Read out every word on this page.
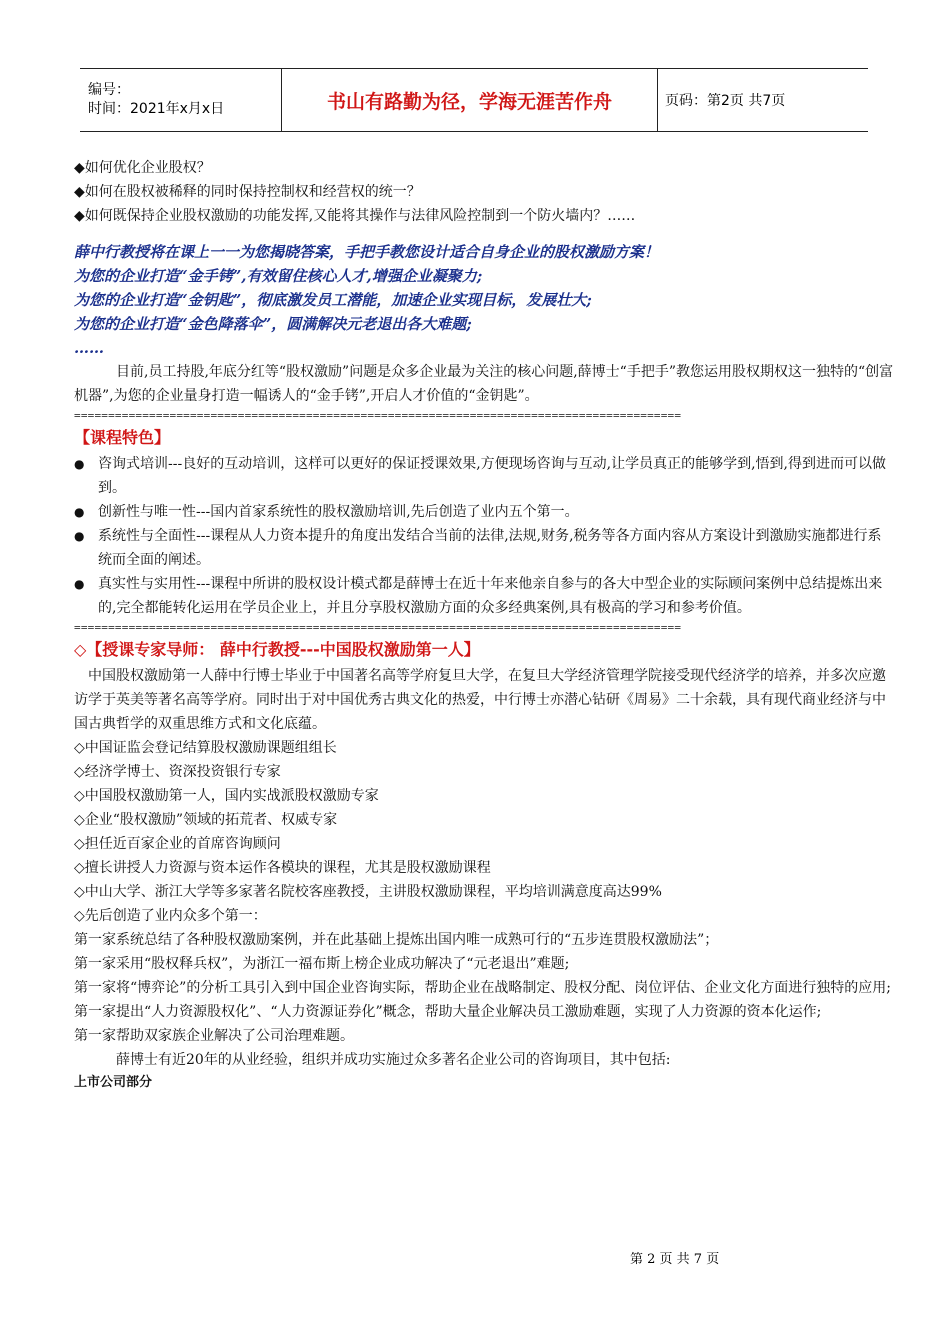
编号：
时间：2021年x月x日	书山有路勤为径，学海无涯苦作舟	页码：第2页 共7页
◆如何优化企业股权？
◆如何在股权被稀释的同时保持控制权和经营权的统一？
◆如何既保持企业股权激励的功能发挥,又能将其操作与法律风险控制到一个防火墙内？……
薛中行教授将在课上一一为您揭晓答案，手把手教您设计适合自身企业的股权激励方案！
为您的企业打造“金手铐”,有效留住核心人才,增强企业凝聚力;
为您的企业打造“金钥匙”，彻底激发员工潜能，加速企业实现目标，发展壮大;
为您的企业打造“金色降落伞”，圆满解决元老退出各大难题;
……
目前,员工持股,年底分红等“股权激励”问题是众多企业最为关注的核心问题,薛博士“手把手”教您运用股权期权这一独特的“创富机器”,为您的企业量身打造一幅诱人的“金手铐”,开启人才价值的“金钥匙”。
=========================================================================================
【课程特色】
● 咨询式培训---良好的互动培训，这样可以更好的保证授课效果,方便现场咨询与互动,让学员真正的能够学到,悟到,得到进而可以做到。
● 创新性与唯一性---国内首家系统性的股权激励培训,先后创造了业内五个第一。
● 系统性与全面性---课程从人力资本提升的角度出发结合当前的法律,法规,财务,税务等各方面内容从方案设计到激励实施都进行系统而全面的阐述。
● 真实性与实用性---课程中所讲的股权设计模式都是薛博士在近十年来他亲自参与的各大中型企业的实际顾问案例中总结提炼出来的,完全都能转化运用在学员企业上，并且分享股权激励方面的众多经典案例,具有极高的学习和参考价值。
=========================================================================================
◇【授课专家导师： 薛中行教授---中国股权激励第一人】
中国股权激励第一人薛中行博士毕业于中国著名高等学府复旦大学，在复旦大学经济管理学院接受现代经济学的培养，并多次应邀访学于英美等著名高等学府。同时出于对中国优秀古典文化的热爱，中行博士亦潜心钻研《周易》二十余载，具有现代商业经济与中国古典哲学的双重思维方式和文化底蕴。
◇中国证监会登记结算股权激励课题组组长
◇经济学博士、资深投资银行专家
◇中国股权激励第一人，国内实战派股权激励专家
◇企业“股权激励”领域的拓荒者、权威专家
◇担任近百家企业的首席咨询顾问
◇擅长讲授人力资源与资本运作各模块的课程，尤其是股权激励课程
◇中山大学、浙江大学等多家著名院校客座教授，主讲股权激励课程，平均培训满意度高达99%
◇先后创造了业内众多个第一：
第一家系统总结了各种股权激励案例，并在此基础上提炼出国内唯一成熟可行的“五步连贯股权激励法”；
第一家采用“股权释兵权”，为浙江一福布斯上榜企业成功解决了“元老退出”难题;
第一家将“博弈论”的分析工具引入到中国企业咨询实际，帮助企业在战略制定、股权分配、岗位评估、企业文化方面进行独特的应用;
第一家提出“人力资源股权化”、“人力资源证券化”概念，帮助大量企业解决员工激励难题，实现了人力资源的资本化运作;
第一家帮助双家族企业解决了公司治理难题。
薛博士有近20年的从业经验，组织并成功实施过众多著名企业公司的咨询项目，其中包括:
上市公司部分
第 2 页 共 7 页
